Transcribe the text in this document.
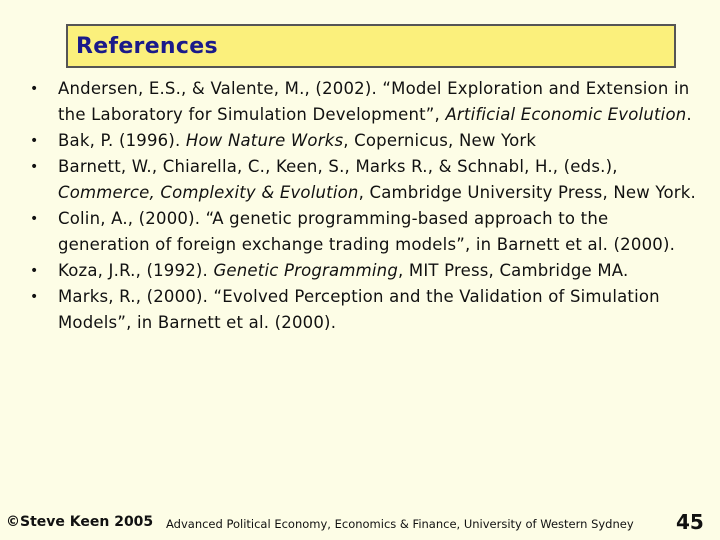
References
• Andersen, E.S., & Valente, M., (2002). “Model Exploration and Extension in the Laboratory for Simulation Development”, Artificial Economic Evolution.
• Bak, P. (1996). How Nature Works, Copernicus, New York
• Barnett, W., Chiarella, C., Keen, S., Marks R., & Schnabl, H., (eds.), Commerce, Complexity & Evolution, Cambridge University Press, New York.
• Colin, A., (2000). “A genetic programming-based approach to the generation of foreign exchange trading models”, in Barnett et al. (2000).
• Koza, J.R., (1992). Genetic Programming, MIT Press, Cambridge MA.
• Marks, R., (2000). “Evolved Perception and the Validation of Simulation Models”, in Barnett et al. (2000).
©Steve Keen 2005 Advanced Political Economy, Economics & Finance, University of Western Sydney 45
